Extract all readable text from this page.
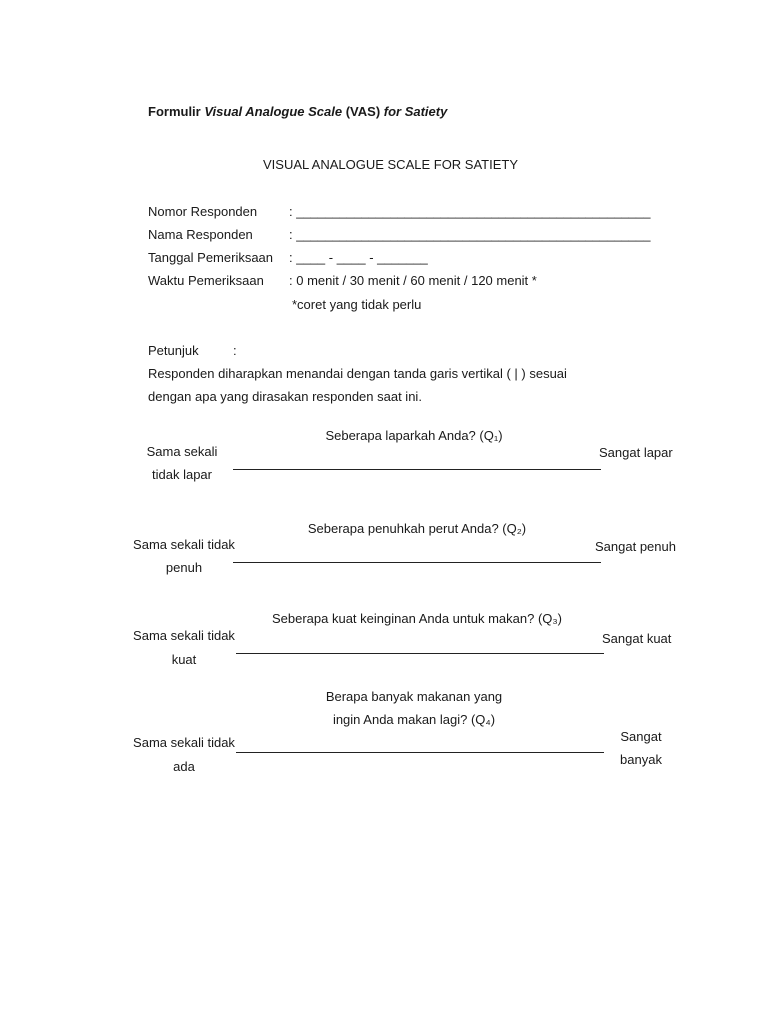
Formulir Visual Analogue Scale (VAS) for Satiety
VISUAL ANALOGUE SCALE FOR SATIETY
Nomor Responden : _________________________________________________
Nama Responden	: _________________________________________________
Tanggal Pemeriksaan : ____ - ____ - _______
Waktu Pemeriksaan : 0 menit / 30 menit / 60 menit / 120 menit *
*coret yang tidak perlu
Petunjuk	:
Responden diharapkan menandai dengan tanda garis vertikal ( | ) sesuai
dengan apa yang dirasakan responden saat ini.
Seberapa laparkah Anda? (Q₁)
Sama sekali
tidak lapar
Sangat lapar
Seberapa penuhkah perut Anda? (Q₂)
Sama sekali tidak
penuh
Sangat penuh
Seberapa kuat keinginan Anda untuk makan? (Q₃)
Sama sekali tidak
kuat
Sangat kuat
Berapa banyak makanan yang
ingin Anda makan lagi? (Q₄)
Sama sekali tidak
ada
Sangat
banyak
